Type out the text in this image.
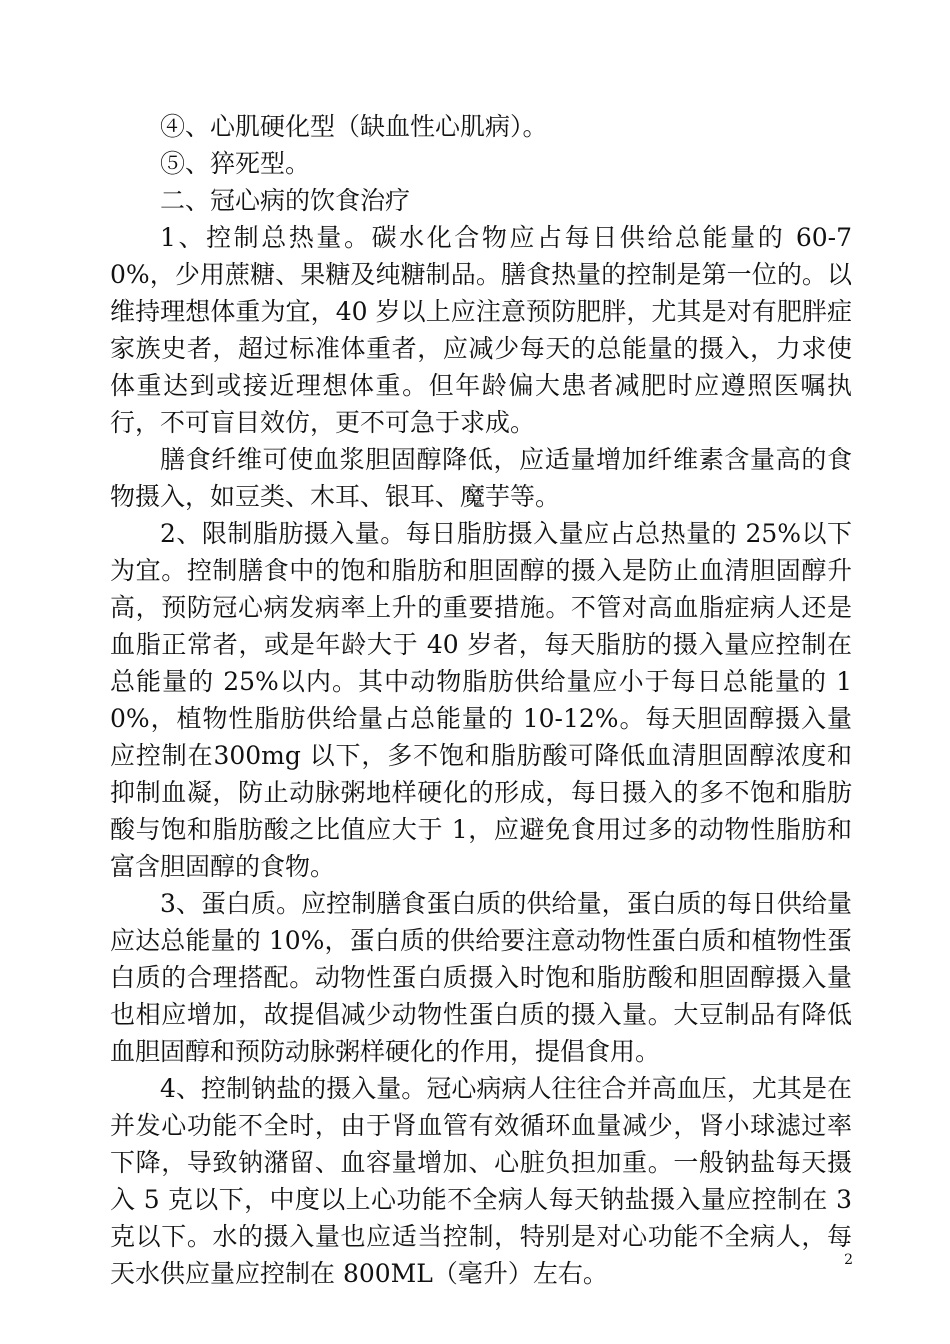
④、心肌硬化型（缺血性心肌病）。

⑤、猝死型。

二、冠心病的饮食治疗

1、控制总热量。碳水化合物应占每日供给总能量的 60-70%，少用蔗糖、果糖及纯糖制品。膳食热量的控制是第一位的。以维持理想体重为宜，40 岁以上应注意预防肥胖，尤其是对有肥胖症家族史者，超过标准体重者，应减少每天的总能量的摄入，力求使体重达到或接近理想体重。但年龄偏大患者减肥时应遵照医嘱执行，不可盲目效仿，更不可急于求成。

膳食纤维可使血浆胆固醇降低，应适量增加纤维素含量高的食物摄入，如豆类、木耳、银耳、魔芋等。

2、限制脂肪摄入量。每日脂肪摄入量应占总热量的 25%以下为宜。控制膳食中的饱和脂肪和胆固醇的摄入是防止血清胆固醇升高，预防冠心病发病率上升的重要措施。不管对高血脂症病人还是血脂正常者，或是年龄大于 40 岁者，每天脂肪的摄入量应控制在总能量的 25%以内。其中动物脂肪供给量应小于每日总能量的 10%，植物性脂肪供给量占总能量的 10-12%。每天胆固醇摄入量应控制在300mg 以下，多不饱和脂肪酸可降低血清胆固醇浓度和抑制血凝，防止动脉粥地样硬化的形成，每日摄入的多不饱和脂肪酸与饱和脂肪酸之比值应大于 1，应避免食用过多的动物性脂肪和富含胆固醇的食物。

3、蛋白质。应控制膳食蛋白质的供给量，蛋白质的每日供给量应达总能量的 10%，蛋白质的供给要注意动物性蛋白质和植物性蛋白质的合理搭配。动物性蛋白质摄入时饱和脂肪酸和胆固醇摄入量也相应增加，故提倡减少动物性蛋白质的摄入量。大豆制品有降低血胆固醇和预防动脉粥样硬化的作用，提倡食用。

4、控制钠盐的摄入量。冠心病病人往往合并高血压，尤其是在并发心功能不全时，由于肾血管有效循环血量减少，肾小球滤过率下降，导致钠潴留、血容量增加、心脏负担加重。一般钠盐每天摄入 5 克以下，中度以上心功能不全病人每天钠盐摄入量应控制在 3 克以下。水的摄入量也应适当控制，特别是对心功能不全病人，每天水供应量应控制在 800ML（毫升）左右。	2
